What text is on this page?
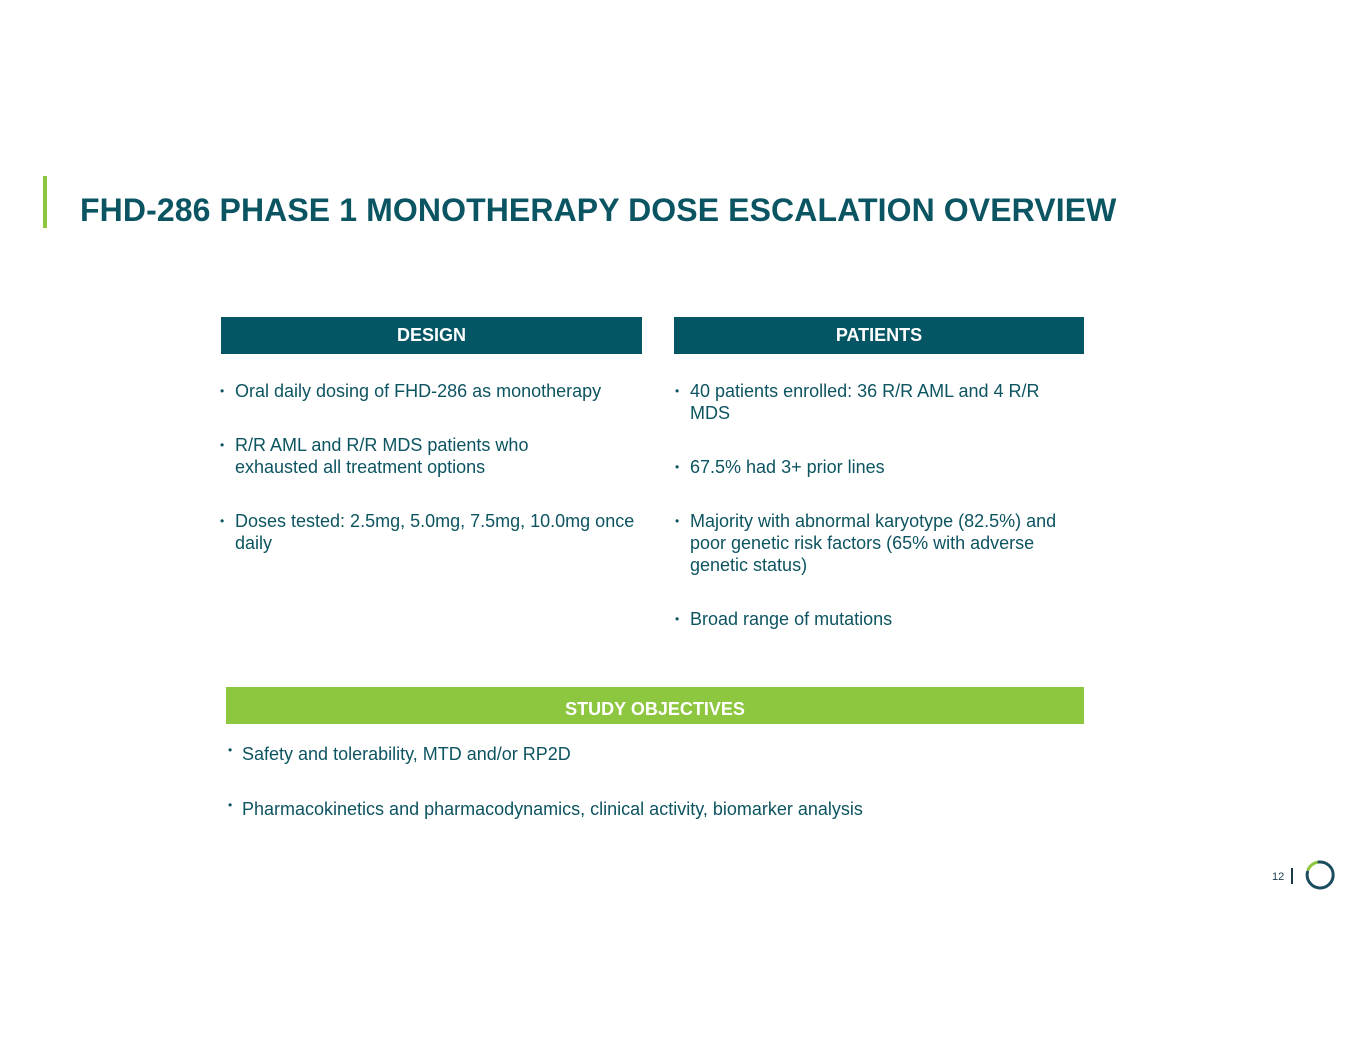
FHD-286 PHASE 1 MONOTHERAPY DOSE ESCALATION OVERVIEW
DESIGN
• Oral daily dosing of FHD-286 as monotherapy
• R/R AML and R/R MDS patients who exhausted all treatment options
• Doses tested: 2.5mg, 5.0mg, 7.5mg, 10.0mg once daily
PATIENTS
• 40 patients enrolled: 36 R/R AML and 4 R/R MDS
• 67.5% had 3+ prior lines
• Majority with abnormal karyotype (82.5%) and poor genetic risk factors (65% with adverse genetic status)
• Broad range of mutations
STUDY OBJECTIVES
• Safety and tolerability, MTD and/or RP2D
• Pharmacokinetics and pharmacodynamics, clinical activity, biomarker analysis
12
